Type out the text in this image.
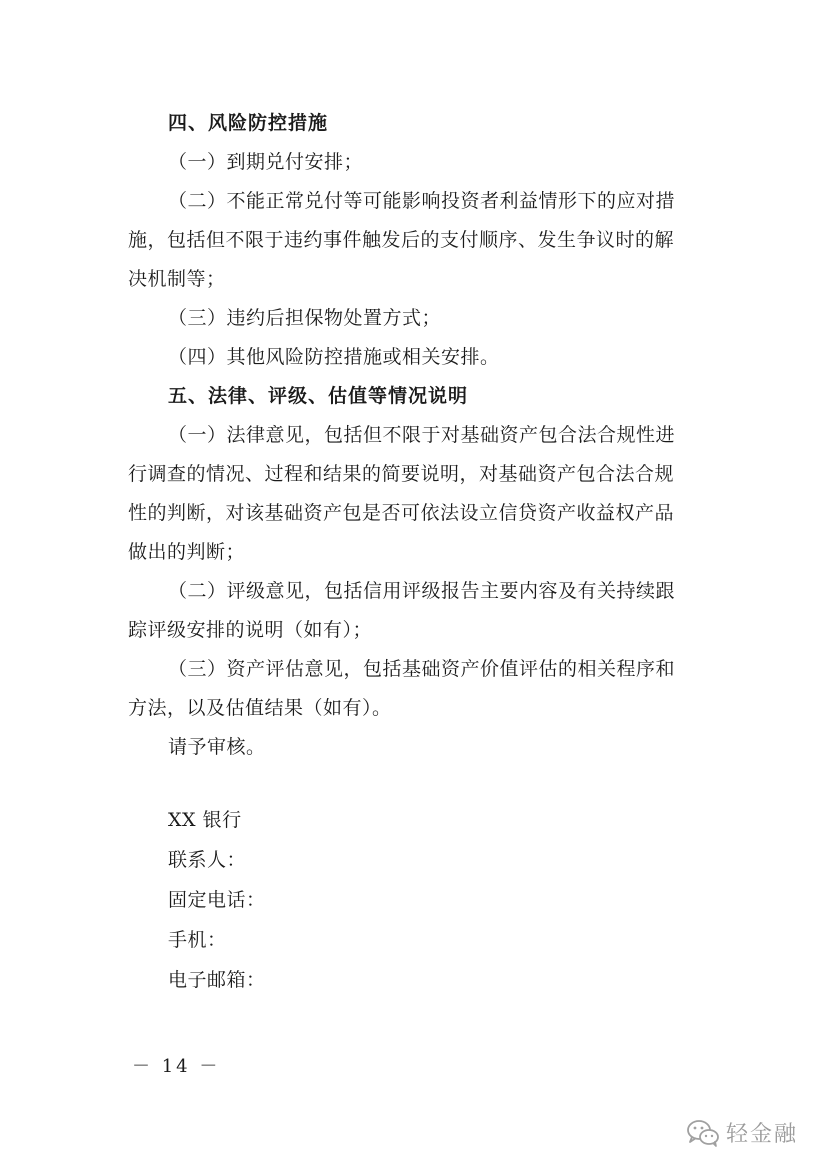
四、风险防控措施
（一）到期兑付安排；
（二）不能正常兑付等可能影响投资者利益情形下的应对措
施，包括但不限于违约事件触发后的支付顺序、发生争议时的解
决机制等；
（三）违约后担保物处置方式；
（四）其他风险防控措施或相关安排。
五、法律、评级、估值等情况说明
（一）法律意见，包括但不限于对基础资产包合法合规性进
行调查的情况、过程和结果的简要说明，对基础资产包合法合规
性的判断，对该基础资产包是否可依法设立信贷资产收益权产品
做出的判断；
（二）评级意见，包括信用评级报告主要内容及有关持续跟
踪评级安排的说明（如有）；
（三）资产评估意见，包括基础资产价值评估的相关程序和
方法，以及估值结果（如有）。
请予审核。
XX 银行
联系人：
固定电话：
手机：
电子邮箱：
－ 14 －
轻金融
